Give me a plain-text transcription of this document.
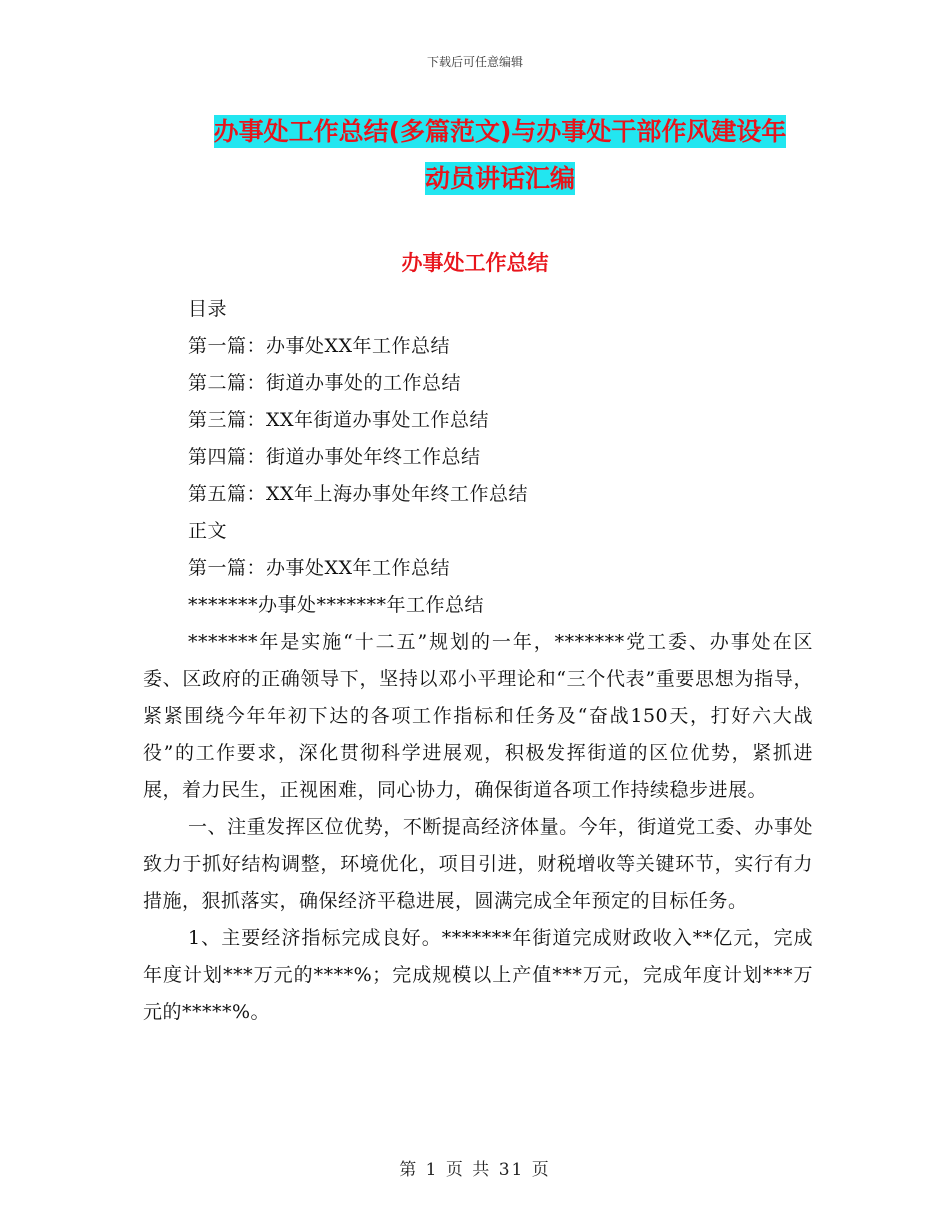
下载后可任意编辑
办事处工作总结(多篇范文)与办事处干部作风建设年
动员讲话汇编
办事处工作总结
目录
第一篇：办事处XX年工作总结
第二篇：街道办事处的工作总结
第三篇：XX年街道办事处工作总结
第四篇：街道办事处年终工作总结
第五篇：XX年上海办事处年终工作总结
正文
第一篇：办事处XX年工作总结
*******办事处*******年工作总结

*******年是实施“十二五”规划的一年，*******党工委、办事处在区委、区政府的正确领导下，坚持以邓小平理论和“三个代表”重要思想为指导，紧紧围绕今年年初下达的各项工作指标和任务及“奋战150天，打好六大战役”的工作要求，深化贯彻科学进展观，积极发挥街道的区位优势，紧抓进展，着力民生，正视困难，同心协力，确保街道各项工作持续稳步进展。

一、注重发挥区位优势，不断提高经济体量。今年，街道党工委、办事处致力于抓好结构调整，环境优化，项目引进，财税增收等关键环节，实行有力措施，狠抓落实，确保经济平稳进展，圆满完成全年预定的目标任务。

1、主要经济指标完成良好。*******年街道完成财政收入**亿元，完成年度计划***万元的****%；完成规模以上产值***万元，完成年度计划***万元的*****%。

第 1 页 共 31 页
